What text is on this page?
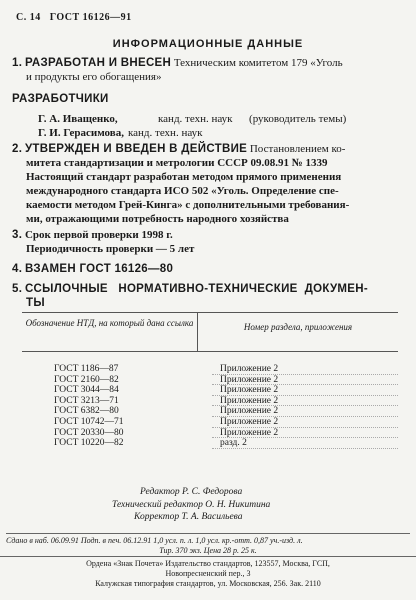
С. 14 ГОСТ 16126—91
ИНФОРМАЦИОННЫЕ ДАННЫЕ
1. РАЗРАБОТАН И ВНЕСЕН Техническим комитетом 179 «Уголь
и продукты его обогащения»
РАЗРАБОТЧИКИ
Г. А. Иващенко,	канд. техн. наук      (руководитель темы)
Г. И. Герасимова, канд. техн. наук
2. УТВЕРЖДЕН И ВВЕДЕН В ДЕЙСТВИЕ Постановлением ко-
митета стандартизации и метрологии СССР 09.08.91 № 1339
Настоящий стандарт разработан методом прямого применения
международного стандарта ИСО 502 «Уголь. Определение спе-
каемости методом Грей-Кинга» с дополнительными требования-
ми, отражающими потребность народного хозяйства
3. Срок первой проверки 1998 г.
Периодичность проверки — 5 лет
4. ВЗАМЕН ГОСТ 16126—80
5. ССЫЛОЧНЫЕ   НОРМАТИВНО-ТЕХНИЧЕСКИЕ  ДОКУМЕН-
ТЫ
Обозначение НТД, на который дана ссылка	Номер раздела, приложения
ГОСТ 1186—87	Приложение 2
ГОСТ 2160—82	Приложение 2
ГОСТ 3044—84	Приложение 2
ГОСТ 3213—71	Приложение 2
ГОСТ 6382—80	Приложение 2
ГОСТ 10742—71	Приложение 2
ГОСТ 20330—80	Приложение 2
ГОСТ 10220—82	разд. 2
Редактор Р. С. Федорова
Технический редактор О. Н. Никитина
Корректор Т. А. Васильева
Сдано в наб. 06.09.91 Подп. в печ. 06.12.91 1,0 усл. п. л. 1,0 усл. кр.-отт. 0,87 уч.-изд. л.
Тир. 370 экз. Цена 28 р. 25 к.
Ордена «Знак Почета» Издательство стандартов, 123557, Москва, ГСП,
Новопресненский пер., 3
Калужская типография стандартов, ул. Московская, 256. Зак. 2110
